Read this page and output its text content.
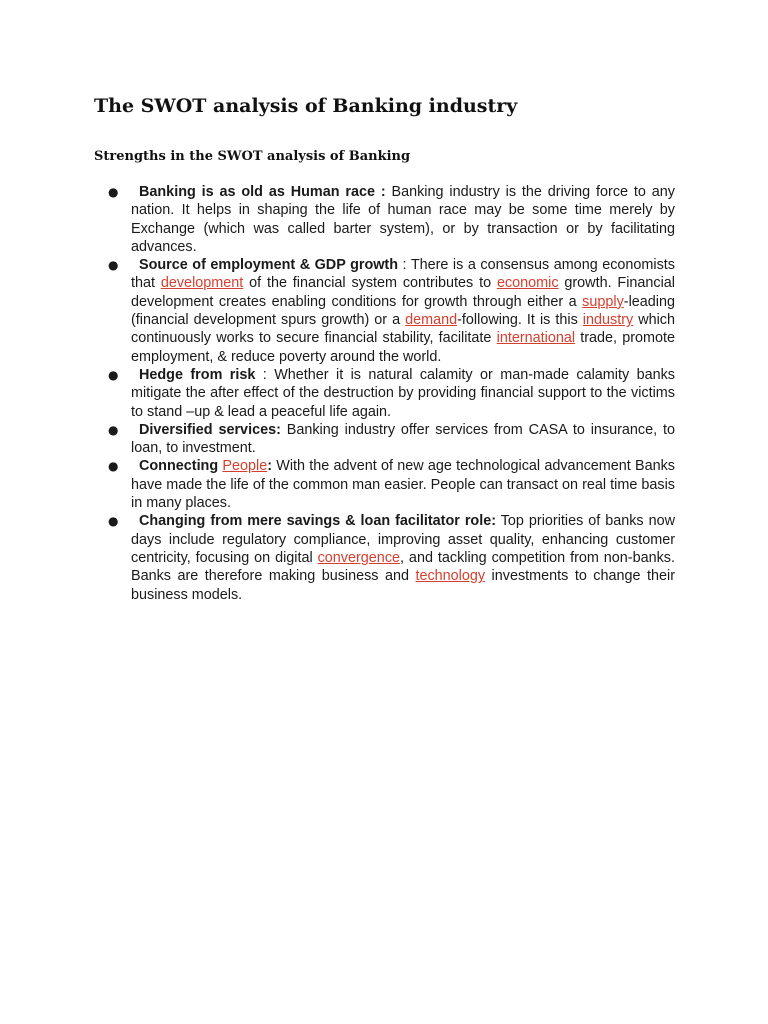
The SWOT analysis of Banking industry
Strengths in the SWOT analysis of Banking
● Banking is as old as Human race : Banking industry is the driving force to any nation. It helps in shaping the life of human race may be some time merely by Exchange (which was called barter system), or by transaction or by facilitating advances.
● Source of employment & GDP growth : There is a consensus among economists that development of the financial system contributes to economic growth. Financial development creates enabling conditions for growth through either a supply-leading (financial development spurs growth) or a demand-following. It is this industry which continuously works to secure financial stability, facilitate international trade, promote employment, & reduce poverty around the world.
● Hedge from risk : Whether it is natural calamity or man-made calamity banks mitigate the after effect of the destruction by providing financial support to the victims to stand –up & lead a peaceful life again.
● Diversified services: Banking industry offer services from CASA to insurance, to loan, to investment.
● Connecting People: With the advent of new age technological advancement Banks have made the life of the common man easier. People can transact on real time basis in many places.
● Changing from mere savings & loan facilitator role: Top priorities of banks now days include regulatory compliance, improving asset quality, enhancing customer centricity, focusing on digital convergence, and tackling competition from non-banks. Banks are therefore making business and technology investments to change their business models.
